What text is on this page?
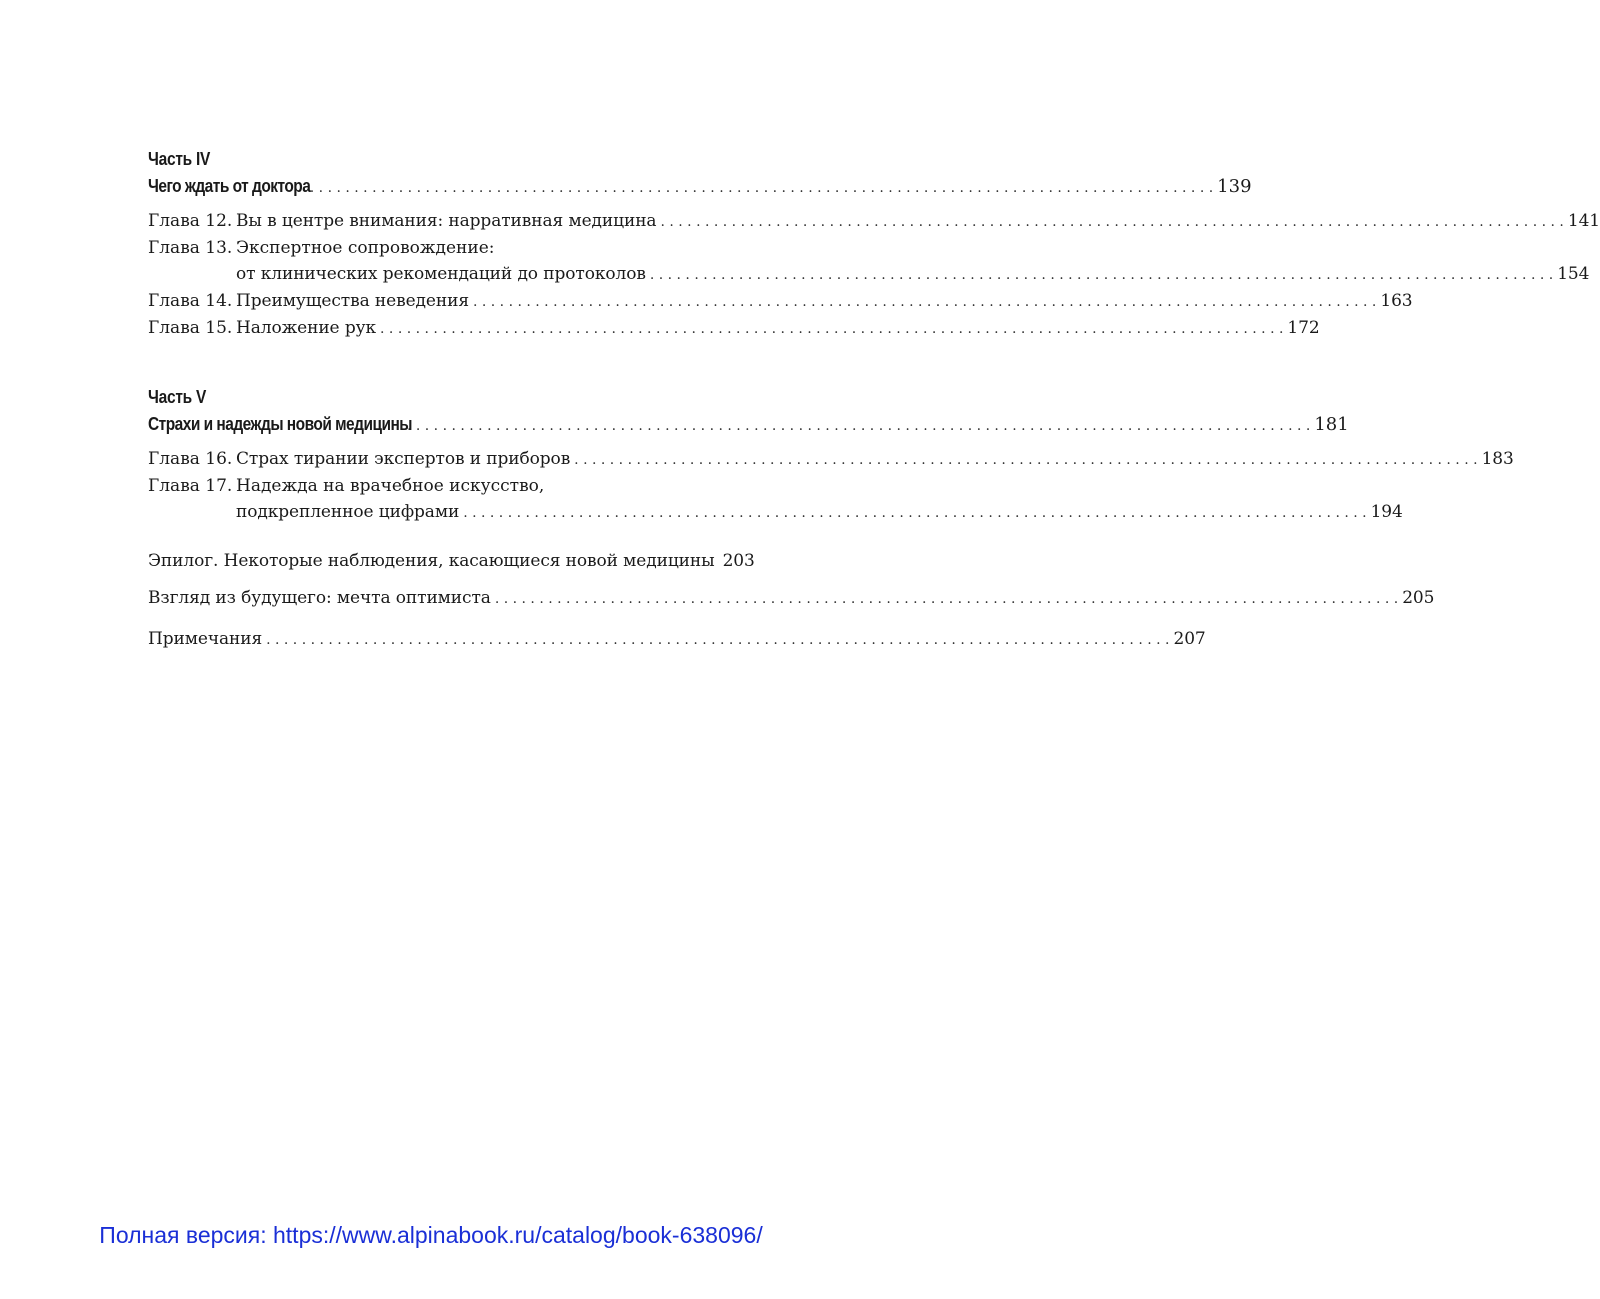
Часть IV
Чего ждать от доктора . . .	139
Глава 12. Вы в центре внимания: нарративная медицина . . .	141
Глава 13. Экспертное сопровождение:
от клинических рекомендаций до протоколов . . .	154
Глава 14. Преимущества неведения . . .	163
Глава 15. Наложение рук . . .	172
Часть V
Страхи и надежды новой медицины . . .	181
Глава 16. Страх тирании экспертов и приборов . . .	183
Глава 17. Надежда на врачебное искусство,
подкрепленное цифрами . . .	194
Эпилог. Некоторые наблюдения, касающиеся новой медицины 203
Взгляд из будущего: мечта оптимиста . . .	205
Примечания . . .	207
Полная версия: https://www.alpinabook.ru/catalog/book-638096/
